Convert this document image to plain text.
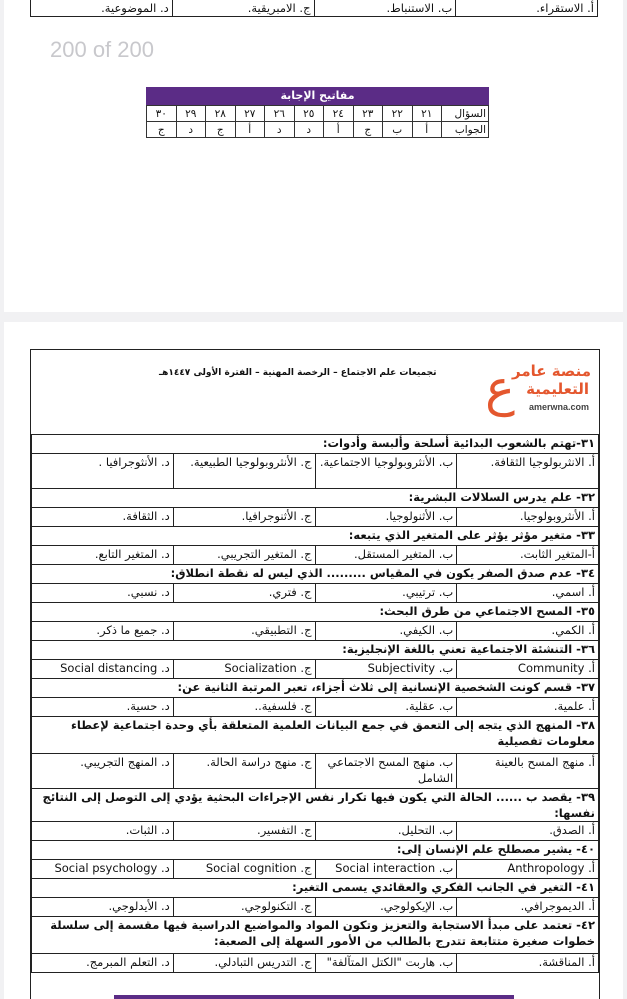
أ. الاستقراء.	ب. الاستنباط.	ج. الامبريقية.	د. الموضوعية.
200 of 200
مفاتيح الإجابة
السؤال	٢١	٢٢	٢٣	٢٤	٢٥	٢٦	٢٧	٢٨	٢٩	٣٠
الجواب	أ	ب	ج	أ	د	د	أ	ج	د	ج
تجميعات علم الاجتماع – الرخصة المهنية – الفترة الأولى ١٤٤٧هـ ع
منصة عامر
التعليمية
amerwna.com
٣١-تهتم بالشعوب البدائية أسلحة وألبسة وأدوات:			
أ. الانثربولوجيا الثقافة.	ب. الأنثروبولوجيا الاجتماعية.	ج. الأنثروبولوجيا الطبيعية.	د. الأنثوجرافيا .
٣٢- علم يدرس السلالات البشرية:			
أ. الأنثروبولوجيا.	ب. الأثنولوجيا.	ج. الأثنوجرافيا.	د. الثقافة.
٣٣- متغير مؤثر يؤثر على المتغير الذي يتبعه:			
أ-المتغير الثابت.	ب. المتغير المستقل.	ج. المتغير التجريبي.	د. المتغير التابع.
٣٤- عدم صدق الصفر يكون في المقياس ......... الذي ليس له نقطة انطلاق:			
أ. اسمي.	ب. ترتيبي.	ج. فتري.	د. نسبي.
٣٥- المسح الاجتماعي من طرق البحث:			
أ. الكمي.	ب. الكيفي.	ج. التطبيقي.	د. جميع ما ذكر.
٣٦- التنشئة الاجتماعية تعني باللغة الإنجليزية:			
أ. Community	ب. Subjectivity	ج. Socialization	د. Social distancing
٣٧- قسم كونت الشخصية الإنسانية إلى ثلاث أجزاء، تعبر المرتبة الثانية عن:			
أ. علمية.	ب. عقلية.	ج. فلسفية..	د. حسية.
٣٨- المنهج الذي يتجه إلى التعمق في جمع البيانات العلمية المتعلقة بأي وحدة اجتماعية لإعطاء معلومات تفصيلية			
أ. منهج المسح بالعينة	ب. منهج المسح الاجتماعي الشامل	ج. منهج دراسة الحالة.	د. المنهج التجريبي.
٣٩- يقصد ب ...... الحالة التي يكون فيها تكرار نفس الإجراءات البحثية يؤدي إلى التوصل إلى النتائج نفسها:			
أ. الصدق.	ب. التحليل.	ج. التفسير.	د. الثبات.
٤٠- يشير مصطلح علم الإنسان إلى:			
أ. Anthropology	ب. Social interaction	ج. Social cognition	د. Social psychology
٤١- التغير في الجانب الفكري والعقائدي يسمى التغير:			
أ. الديموجرافي.	ب. الإيكولوجي.	ج. التكنولوجي.	د. الأيدلوجي.
٤٢- تعتمد على مبدأ الاستجابة والتعزيز وتكون المواد والمواضيع الدراسية فيها مقسمة إلى سلسلة خطوات صغيرة متتابعة تتدرج بالطالب من الأمور السهلة إلى الصعبة:			
أ. المناقشة.	ب. هاربت "الكتل المتآلفة"	ج. التدريس التبادلي.	د. التعلم المبرمج.
